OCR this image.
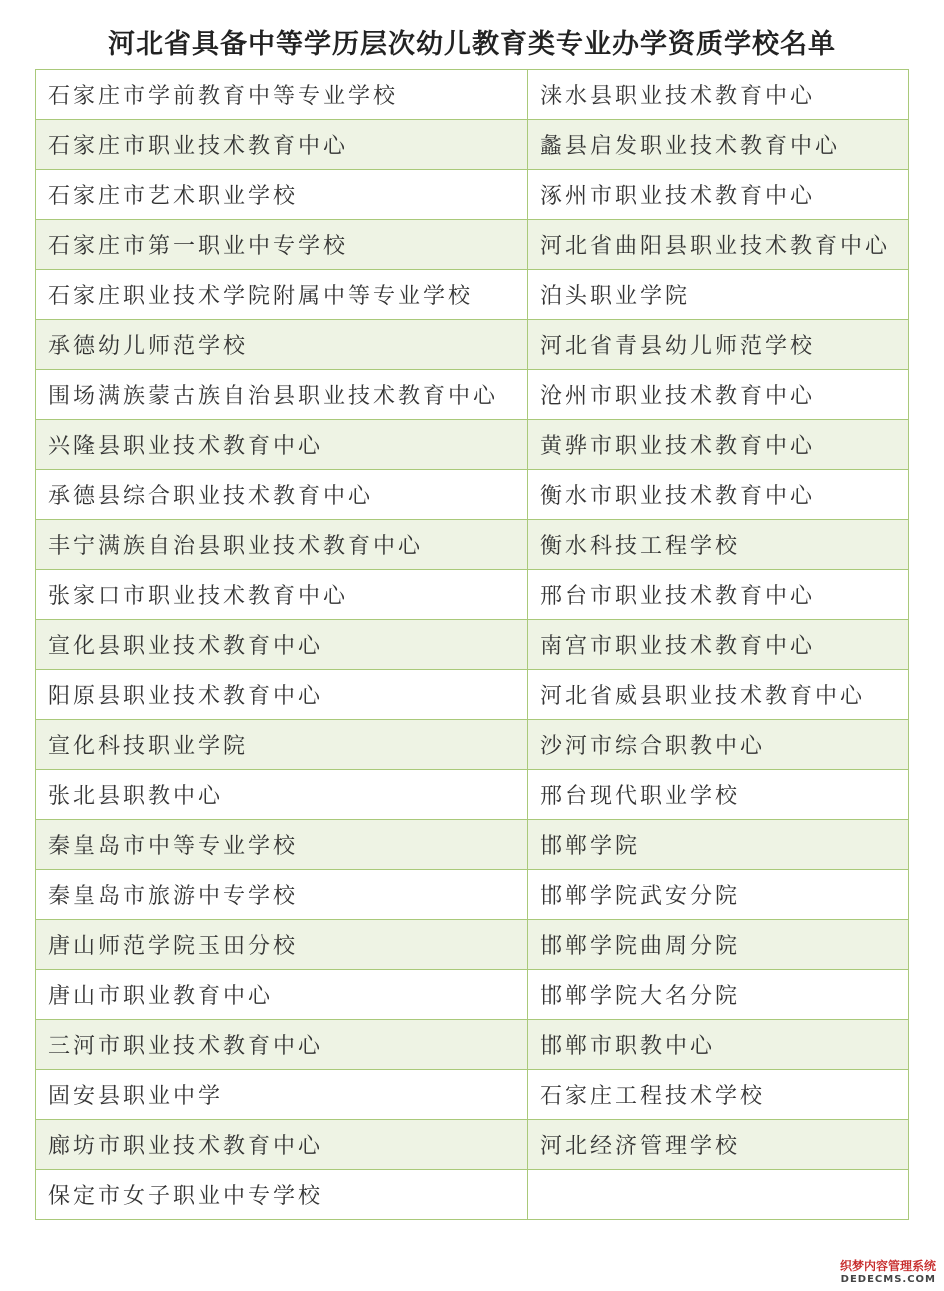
河北省具备中等学历层次幼儿教育类专业办学资质学校名单
石家庄市学前教育中等专业学校	涞水县职业技术教育中心
石家庄市职业技术教育中心	蠡县启发职业技术教育中心
石家庄市艺术职业学校	涿州市职业技术教育中心
石家庄市第一职业中专学校	河北省曲阳县职业技术教育中心
石家庄职业技术学院附属中等专业学校	泊头职业学院
承德幼儿师范学校	河北省青县幼儿师范学校
围场满族蒙古族自治县职业技术教育中心	沧州市职业技术教育中心
兴隆县职业技术教育中心	黄骅市职业技术教育中心
承德县综合职业技术教育中心	衡水市职业技术教育中心
丰宁满族自治县职业技术教育中心	衡水科技工程学校
张家口市职业技术教育中心	邢台市职业技术教育中心
宣化县职业技术教育中心	南宫市职业技术教育中心
阳原县职业技术教育中心	河北省威县职业技术教育中心
宣化科技职业学院	沙河市综合职教中心
张北县职教中心	邢台现代职业学校
秦皇岛市中等专业学校	邯郸学院
秦皇岛市旅游中专学校	邯郸学院武安分院
唐山师范学院玉田分校	邯郸学院曲周分院
唐山市职业教育中心	邯郸学院大名分院
三河市职业技术教育中心	邯郸市职教中心
固安县职业中学	石家庄工程技术学校
廊坊市职业技术教育中心	河北经济管理学校
保定市女子职业中专学校	
织梦内容管理系统
DEDECMS.COM
